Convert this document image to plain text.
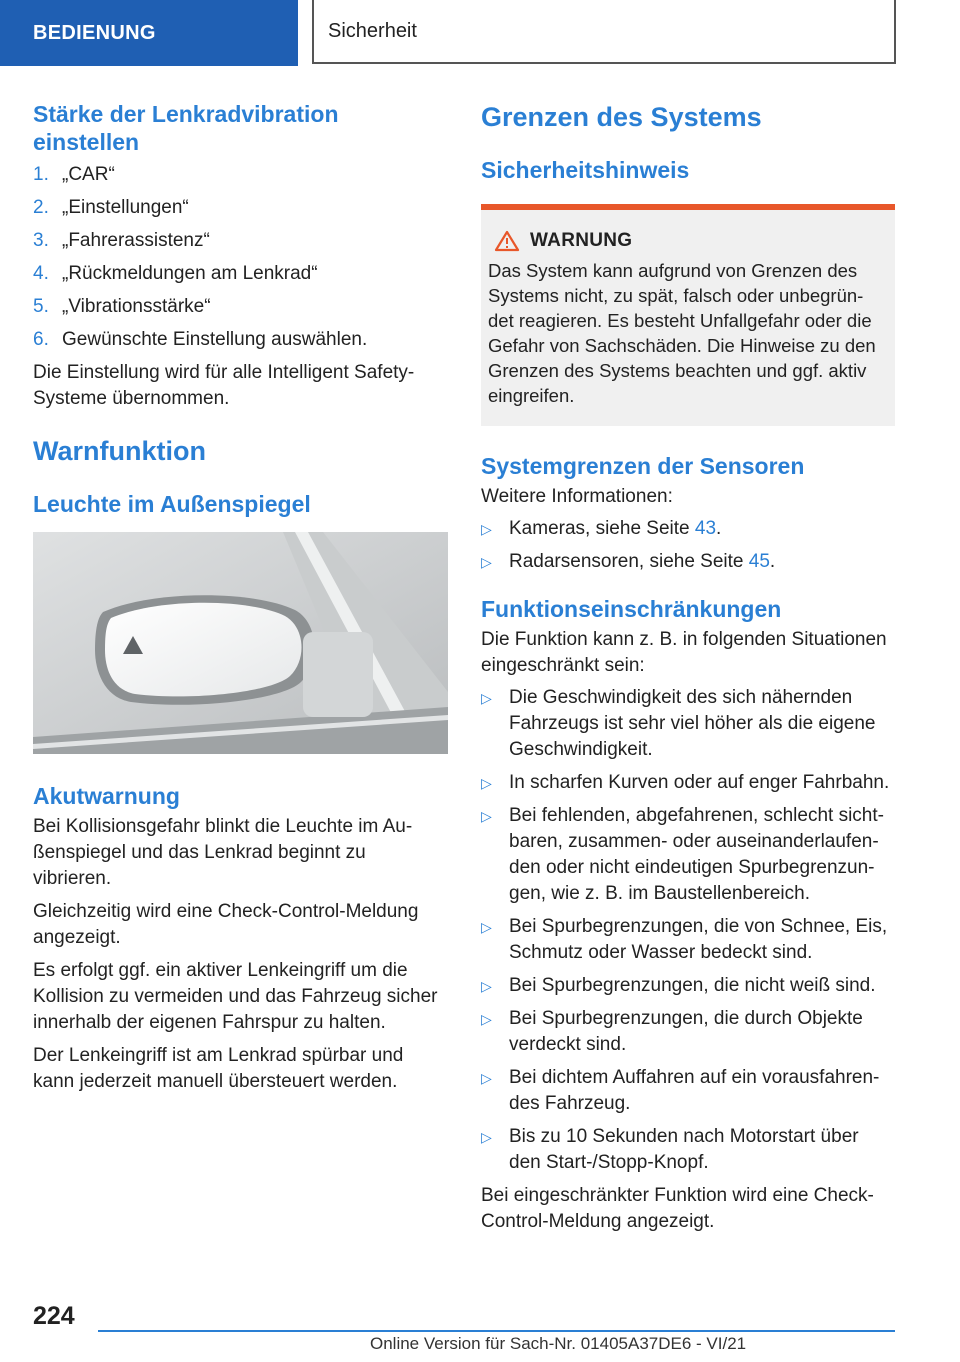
BEDIENUNG	Sicherheit
Stärke der Lenkradvibration einstellen
1. „CAR“
2. „Einstellungen“
3. „Fahrerassistenz“
4. „Rückmeldungen am Lenkrad“
5. „Vibrationsstärke“
6. Gewünschte Einstellung auswählen.

Die Einstellung wird für alle Intelligent Safety-Systeme übernommen.

Warnfunktion
Leuchte im Außenspiegel
Akutwarnung

Bei Kollisionsgefahr blinkt die Leuchte im Au-ßenspiegel und das Lenkrad beginnt zu vibrieren.

Gleichzeitig wird eine Check-Control-Meldung angezeigt.

Es erfolgt ggf. ein aktiver Lenkeingriff um die Kollision zu vermeiden und das Fahrzeug sicher innerhalb der eigenen Fahrspur zu halten.

Der Lenkeingriff ist am Lenkrad spürbar und kann jederzeit manuell übersteuert werden.

Grenzen des Systems
Sicherheitshinweis
WARNUNG

Das System kann aufgrund von Grenzen des Systems nicht, zu spät, falsch oder unbegrün-det reagieren. Es besteht Unfallgefahr oder die Gefahr von Sachschäden. Die Hinweise zu den Grenzen des Systems beachten und ggf. aktiv eingreifen.

Systemgrenzen der Sensoren

Weitere Informationen:

▷ Kameras, siehe Seite 43.
▷ Radarsensoren, siehe Seite 45.
Funktionseinschränkungen

Die Funktion kann z. B. in folgenden Situationen eingeschränkt sein:

▷ Die Geschwindigkeit des sich nähernden Fahrzeugs ist sehr viel höher als die eigene Geschwindigkeit.
▷ In scharfen Kurven oder auf enger Fahrbahn.
▷ Bei fehlenden, abgefahrenen, schlecht sicht-baren, zusammen- oder auseinanderlaufen-den oder nicht eindeutigen Spurbegrenzun-gen, wie z. B. im Baustellenbereich.
▷ Bei Spurbegrenzungen, die von Schnee, Eis, Schmutz oder Wasser bedeckt sind.
▷ Bei Spurbegrenzungen, die nicht weiß sind.
▷ Bei Spurbegrenzungen, die durch Objekte verdeckt sind.
▷ Bei dichtem Auffahren auf ein vorausfahren-des Fahrzeug.
▷ Bis zu 10 Sekunden nach Motorstart über den Start-/Stopp-Knopf.

Bei eingeschränkter Funktion wird eine Check-Control-Meldung angezeigt.

224
Online Version für Sach-Nr. 01405A37DE6 - VI/21
